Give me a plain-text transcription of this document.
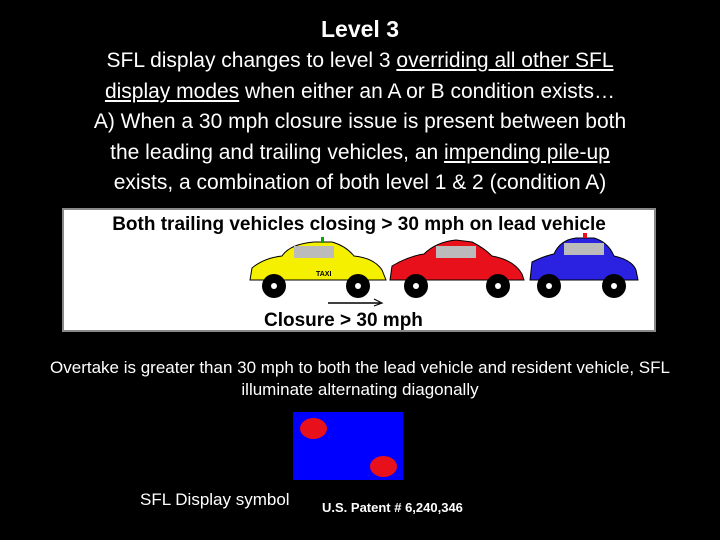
Level 3
SFL display changes to level 3 overriding all other SFL
display modes when either an A or B condition exists…
A) When a 30 mph closure issue is present between both
the leading and trailing vehicles, an impending pile-up
exists, a combination of both level 1 & 2 (condition A)
TAXI
Both trailing vehicles closing > 30 mph on lead vehicle
Closure > 30 mph
Overtake is greater than 30 mph to both the lead vehicle and resident vehicle, SFL illuminate alternating diagonally
SFL Display symbol U.S. Patent # 6,240,346
